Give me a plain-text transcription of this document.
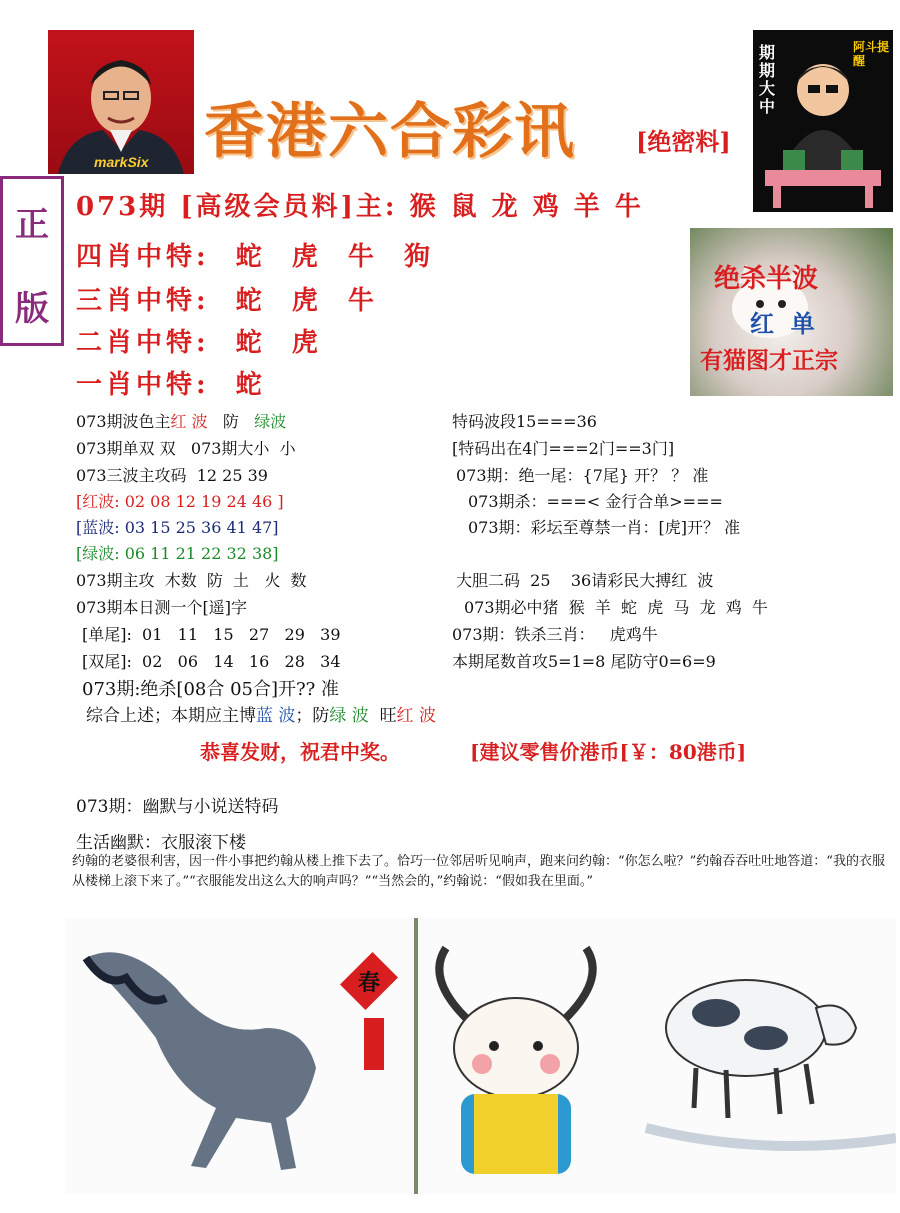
markSix 香港六合彩讯	[绝密料]
期期大中
阿斗提醒
正
版
073期 [高级会员料]主: 猴 鼠 龙 鸡 羊 牛
四肖中特:  蛇  虎  牛  狗
三肖中特:  蛇  虎  牛
二肖中特:  蛇  虎
一肖中特:  蛇
绝杀半波
红  单
有猫图才正宗
073期波色主红 波 防 绿波
073期单双 双   073期大小  小
073三波主攻码  12 25 39
[红波: 02 08 12 19 24 46 ]
[蓝波: 03 15 25 36 41 47]
[绿波: 06 11 21 22 32 38]
073期主攻  木数  防  土   火  数
073期本日测一个[遥]字
[单尾]:  01   11   15   27   29   39
[双尾]:  02   06   14   16   28   34
073期:绝杀[08合 05合]开?? 准
综合上述；本期应主博蓝 波；防绿 波 旺红 波
特码波段15===36
[特码出在4门===2门==3门]
073期：绝一尾：{7尾} 开？ ？ 准
073期杀：===< 金行合单>===
073期：彩坛至尊禁一肖：[虎]开？ 准
大胆二码  25    36请彩民大搏红  波
073期必中猪  猴  羊  蛇  虎  马  龙  鸡  牛
073期：铁杀三肖：   虎鸡牛
本期尾数首攻5=1=8 尾防守0=6=9
恭喜发财，祝君中奖。	[建议零售价港币[￥：80港币]
073期：幽默与小说送特码
生活幽默：衣服滚下楼
约翰的老婆很利害，因一件小事把约翰从楼上推下去了。恰巧一位邻居听见响声，跑来问约翰：“你怎么啦？”约翰吞吞吐吐地答道：“我的衣服从楼梯上滚下来了。”“衣服能发出这么大的响声吗？”“当然会的，”约翰说：“假如我在里面。”
春
